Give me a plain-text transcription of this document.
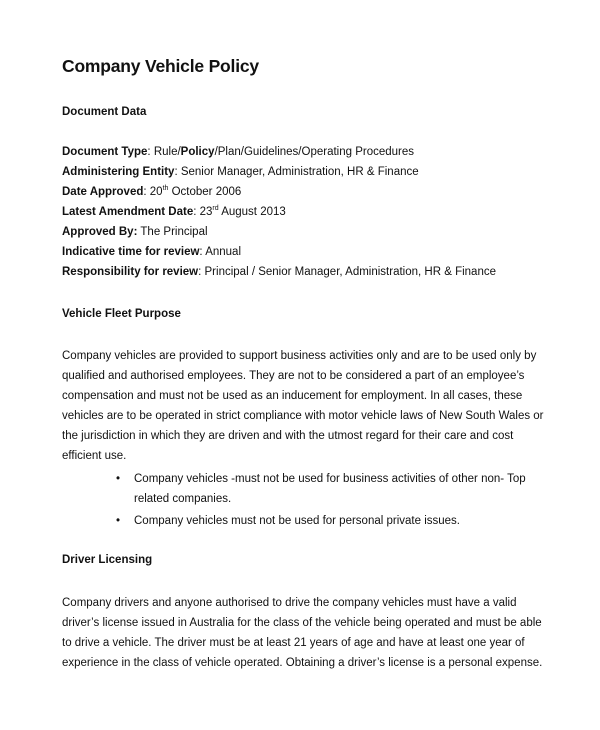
Company Vehicle Policy
Document Data
Document Type: Rule/Policy/Plan/Guidelines/Operating Procedures
Administering Entity: Senior Manager, Administration, HR & Finance
Date Approved: 20th October 2006
Latest Amendment Date: 23rd August 2013
Approved By: The Principal
Indicative time for review: Annual
Responsibility for review: Principal / Senior Manager, Administration, HR & Finance
Vehicle Fleet Purpose

Company vehicles are provided to support business activities only and are to be used only by
qualified and authorised employees. They are not to be considered a part of an employee’s
compensation and must not be used as an inducement for employment. In all cases, these
vehicles are to be operated in strict compliance with motor vehicle laws of New South Wales or
the jurisdiction in which they are driven and with the utmost regard for their care and cost
efficient use.

• Company vehicles -must not be used for business activities of other non- Top
related companies.
• Company vehicles must not be used for personal private issues.
Driver Licensing

Company drivers and anyone authorised to drive the company vehicles must have a valid
driver’s license issued in Australia for the class of the vehicle being operated and must be able
to drive a vehicle. The driver must be at least 21 years of age and have at least one year of
experience in the class of vehicle operated. Obtaining a driver’s license is a personal expense.
